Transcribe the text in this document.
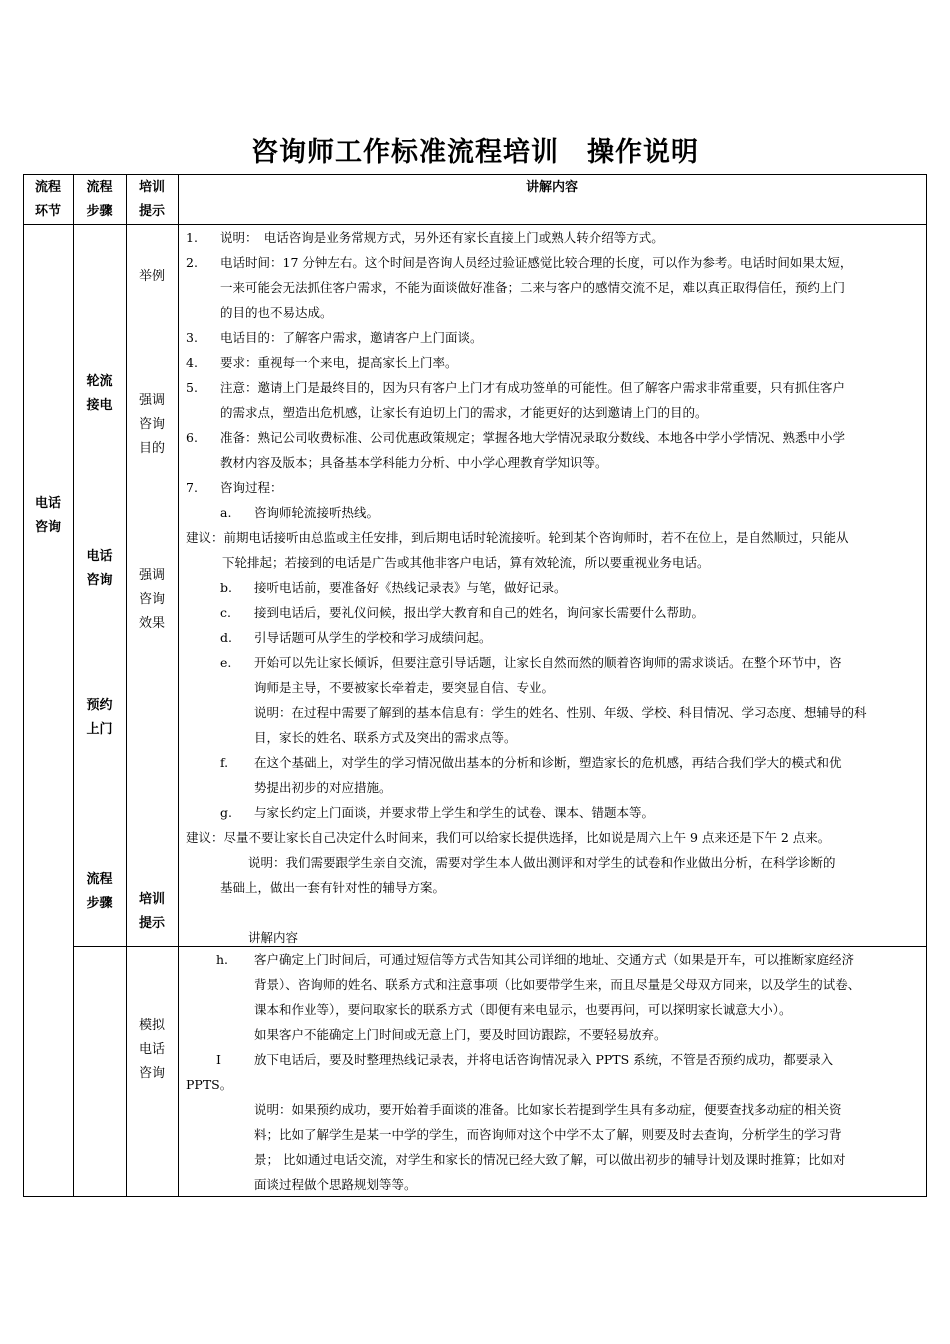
咨询师工作标准流程培训　操作说明
流程
环节
流程
步骤
培训
提示
讲解内容
电话
咨询
轮流
接电
电话
咨询
预约
上门
流程
步骤
举例
强调
咨询
目的
强调
咨询
效果
培训
提示
模拟
电话
咨询
1. 说明：　电话咨询是业务常规方式，另外还有家长直接上门或熟人转介绍等方式。
2. 电话时间：17 分钟左右。这个时间是咨询人员经过验证感觉比较合理的长度，可以作为参考。电话时间如果太短，
一来可能会无法抓住客户需求，不能为面谈做好准备；二来与客户的感情交流不足，难以真正取得信任，预约上门
的目的也不易达成。
3. 电话目的：了解客户需求，邀请客户上门面谈。
4. 要求：重视每一个来电，提高家长上门率。
5. 注意：邀请上门是最终目的，因为只有客户上门才有成功签单的可能性。但了解客户需求非常重要，只有抓住客户
的需求点，塑造出危机感，让家长有迫切上门的需求，才能更好的达到邀请上门的目的。
6. 准备：熟记公司收费标准、公司优惠政策规定；掌握各地大学情况录取分数线、本地各中学小学情况、熟悉中小学
教材内容及版本；具备基本学科能力分析、中小学心理教育学知识等。
7. 咨询过程：
a. 咨询师轮流接听热线。
建议：前期电话接听由总监或主任安排，到后期电话时轮流接听。轮到某个咨询师时，若不在位上，是自然顺过，只能从
下轮排起；若接到的电话是广告或其他非客户电话，算有效轮流，所以要重视业务电话。
b. 接听电话前，要准备好《热线记录表》与笔，做好记录。
c. 接到电话后，要礼仪问候，报出学大教育和自己的姓名，询问家长需要什么帮助。
d. 引导话题可从学生的学校和学习成绩问起。
e. 开始可以先让家长倾诉，但要注意引导话题，让家长自然而然的顺着咨询师的需求谈话。在整个环节中，咨
询师是主导，不要被家长牵着走，要突显自信、专业。
说明：在过程中需要了解到的基本信息有：学生的姓名、性别、年级、学校、科目情况、学习态度、想辅导的科
目，家长的姓名、联系方式及突出的需求点等。
f. 在这个基础上，对学生的学习情况做出基本的分析和诊断，塑造家长的危机感，再结合我们学大的模式和优
势提出初步的对应措施。
g. 与家长约定上门面谈，并要求带上学生和学生的试卷、课本、错题本等。
建议：尽量不要让家长自己决定什么时间来，我们可以给家长提供选择，比如说是周六上午 9 点来还是下午 2 点来。
说明：我们需要跟学生亲自交流，需要对学生本人做出测评和对学生的试卷和作业做出分析，在科学诊断的
基础上，做出一套有针对性的辅导方案。
讲解内容
h. 客户确定上门时间后，可通过短信等方式告知其公司详细的地址、交通方式（如果是开车，可以推断家庭经济
背景）、咨询师的姓名、联系方式和注意事项（比如要带学生来，而且尽量是父母双方同来，以及学生的试卷、
课本和作业等），要问取家长的联系方式（即便有来电显示，也要再问，可以探明家长诚意大小）。
如果客户不能确定上门时间或无意上门，要及时回访跟踪，不要轻易放弃。
I	放下电话后，要及时整理热线记录表，并将电话咨询情况录入 PPTS 系统，不管是否预约成功，都要录入
PPTS。
说明：如果预约成功，要开始着手面谈的准备。比如家长若提到学生具有多动症，便要查找多动症的相关资
料；比如了解学生是某一中学的学生，而咨询师对这个中学不太了解，则要及时去查询，分析学生的学习背
景； 比如通过电话交流，对学生和家长的情况已经大致了解，可以做出初步的辅导计划及课时推算；比如对
面谈过程做个思路规划等等。
